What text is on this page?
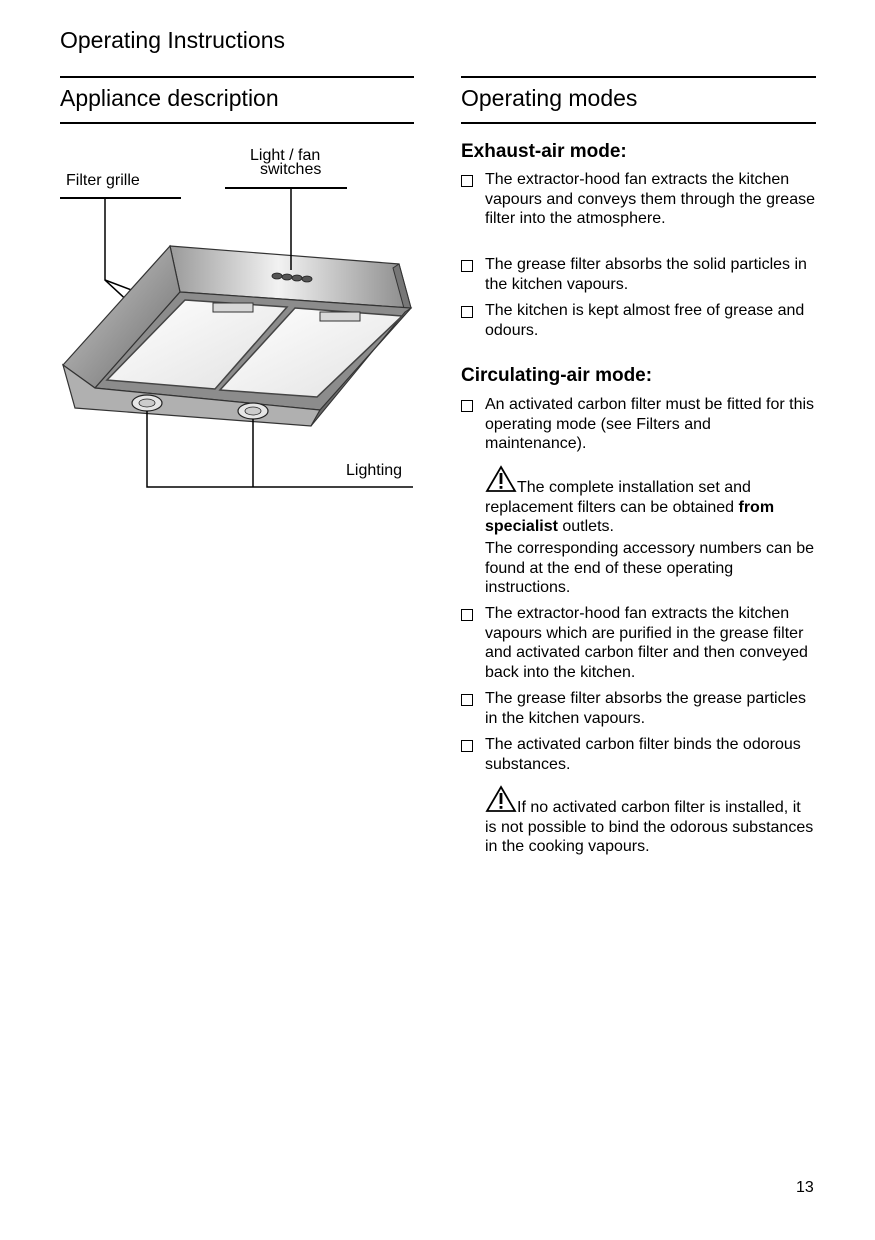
Operating Instructions
Appliance description
Filter grille
Light / fan
switches
Lighting
Operating modes
Exhaust-air mode:
The extractor-hood fan extracts the kitchen vapours and conveys them through the grease filter into the atmosphere.
The grease filter absorbs the solid particles in the kitchen vapours.
The kitchen is kept almost free of grease and odours.
Circulating-air mode:
An activated carbon filter must be fitted for this operating mode (see Filters and maintenance).
The complete installation set and replacement filters can be obtained from specialist outlets.
The corresponding accessory numbers can be found at the end of these operating instructions.
The extractor-hood fan extracts the kitchen vapours which are purified in the grease filter and activated carbon filter and then conveyed back into the kitchen.
The grease filter absorbs the grease particles in the kitchen vapours.
The activated carbon filter binds the odorous substances.
If no activated carbon filter is installed, it is not possible to bind the odorous substances in the cooking vapours.
13
